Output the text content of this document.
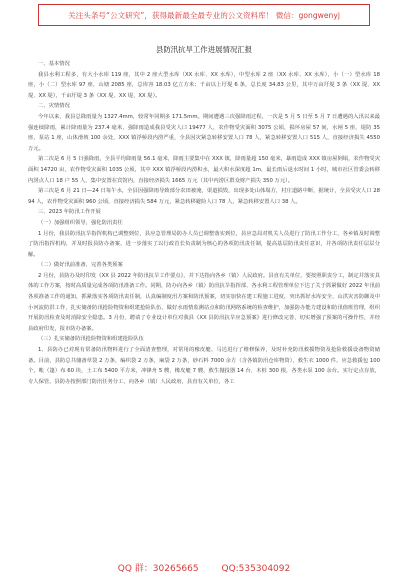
关注头条号“公文研究”，获得最新最全最专业的公文资料库！ 微信：gongwenyj
县防汛抗旱工作进展情况汇报

一、基本情况

我县水利工程多，有大小水库 119 座，其中 2 座大型水库（XX 水库、XX 水库），中型水库 2 座（XX 水库、XX 水库），小（一）型水库 18 座，小（二）型水库 97 座，山塘 2085 座，总库容 18.03 亿立方米；千亩以上圩堤 6 条，总长度 34.83 公里，其中万亩圩堤 3 条（XX 堤、XX 堤、XX 堤），千亩圩堤 3 条（XX 堤、XX 堤、XX 堤）。

二、灾情情况

今年以来，我县总降雨量为 1327.4mm，较常年同期多 171.5mm。期间遭遇三次强降雨过程，一次是 5 月 5 日至 5 月 7 日遭遇的入汛以来最强连续降雨，累计降雨量为 237.4 毫米，强降雨造成我县受灾人口 19477 人，农作物受灾面积 3075 公顷，损坏房屋 57 间，水闸 5 座，堤防 35 座，泵站 1 座，山体滑坡 100 余处，XXX 镇浮桥段内涝严重，全县因灾紧急转移安置人口 78 人，紧急转移安置人口 515 人，直接经济损失 4550 万元。

第二次是 6 月 5 日强降雨，全县平均降雨量 56.1 毫米，降雨主要集中在 XXX 镇，降雨量超 150 毫米，暴雨造成 XXX 镇房屋倒塌，农作物受灾面积 14720 亩，农作物受灾面积 1035 公顷，其中 XXX 镇浮桥段内涝积水，最大积水深度超 1m，最长雨后退水时间 1 小时，城市社区管委会转移内涝点人口 18 户 55 人，集中安置在宾馆内，直接经济损失 1665 万元（其中内涝区群众财产损失 350 万元）。

第三次是 6 月 21 日—24 日每午水，全县因强降雨导致部分农田被淹，渠道损毁，出现多处山体塌方，村庄道路中断，据统计，全县受灾人口 2894 人，农作物受灾面积 960 公顷，直接经济损失 584 万元，紧急转移避险人口 78 人，紧急转移安置人口 38 人。

三、2023 年防汛工作开展

（一）加强组织领导，强化防汛责任

1 月份，我县防汛抗旱指挥机构已调整到位，县应急管理局防办人员已调整落实到位，县应急局对机关人员进行了防汛工作分工，各乡镇及时调整了防汛指挥机构，并及时报县防办备案，进一步落实了以行政首长负责制为核心的各项防汛责任制，提高基层防汛责任意识，并各项防汛责任层层分解。

（二）做好汛前准备，完善各类预案

2 月份，县防办及时印发《XX 县 2022 年防汛抗旱工作要点》，并下达指向各乡（镇）人民政府。县直有关单位，要按照职责分工，制定并落实具体的工作方案，按时高质量完成各项防汛准备工作。同期，防办向各乡（镇）防汛抗旱指挥部、各水利工程管理单位下达了关于抓紧做好 2022 年汛前各项准备工作的通知，抓紧落实各项防汛责任制，认真编制度汛方案和防汛预案，切实加快在建工程施工进度，突出抓好水库安全、山洪灾害防御及中小河流防洪工作，扎实储备防汛抢险物资和组建抢险队伍，做好水雨情监测站点和防汛网络系统的检查维护，加强防办能力建设和防汛值班管理，组织开展防汛检查及时消除安全隐患。3 月份，聘请了专业设计单位对我县《XX 县防汛抗旱应急预案》进行修改完善，切实增强了预案的可操作性，并经县政府印发，报市防办备案。

（三）扎实储备防汛抢险物资和组建抢险队伍

1、县防办已对现有常备防汛物料进行了全面清查整理，对常用的橡皮艇、马达进行了维修保养，及时补充防汛救援物资及抢险救援设备物资储备。目前，县防总共储备草袋 2 万条，编织袋 2 万条，麻袋 2 万条，砂石料 7000 余方（含各镇防汛仓库物资），救生衣 1000 件，应急救援包 100 个，帐（篷）布 60 块，土工布 5400 平方米，冲锋舟 5 艘，橡皮艇 7 艘，救生抛投器 14 台，木桩 300 根，各类水泵 100 余台。实行定点存放，专人保管，县防办按照部门防汛任务分工，向各乡（镇）人民政府，县直有关单位，各工

QQ 群：30265665	QQ:535304092
